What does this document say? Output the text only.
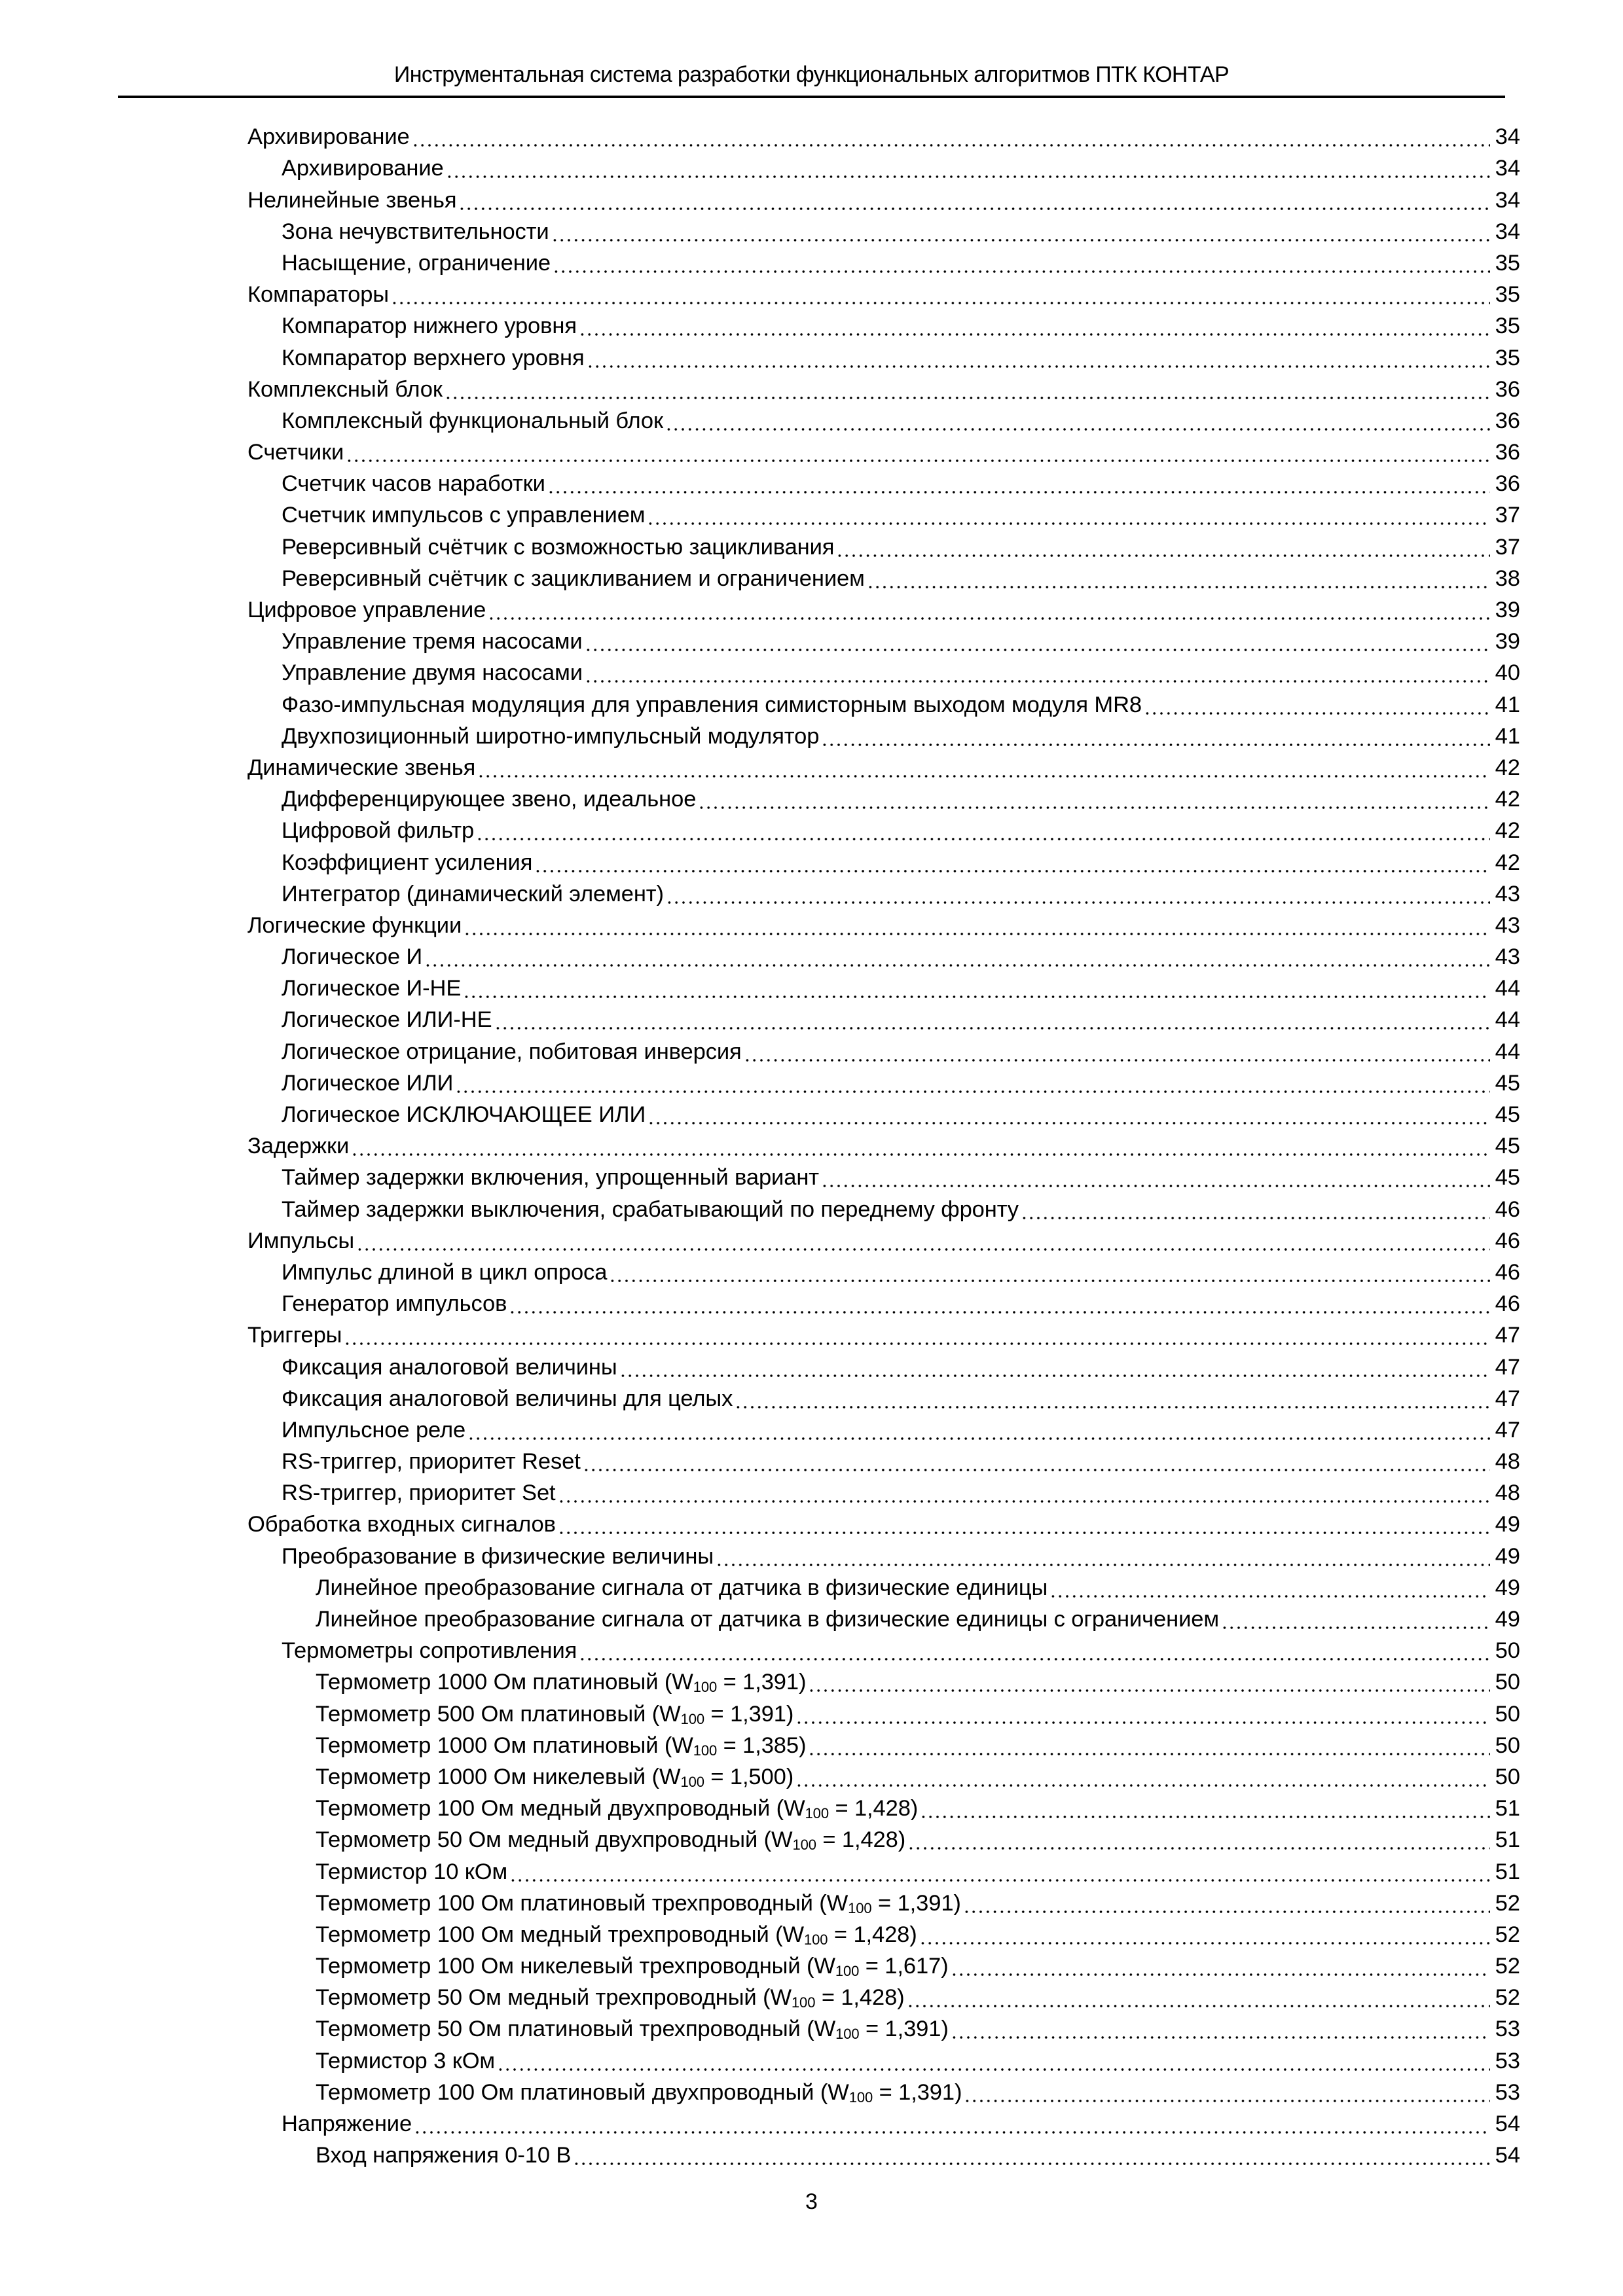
Инструментальная система разработки функциональных алгоритмов ПТК КОНТАР
Архивирование	34
Архивирование	34
Нелинейные звенья	34
Зона нечувствительности	34
Насыщение, ограничение	35
Компараторы	35
Компаратор нижнего уровня	35
Компаратор верхнего уровня	35
Комплексный блок	36
Комплексный функциональный блок	36
Счетчики	36
Счетчик часов наработки	36
Счетчик импульсов с управлением	37
Реверсивный счётчик с возможностью зацикливания	37
Реверсивный счётчик с зацикливанием и ограничением	38
Цифровое управление	39
Управление тремя насосами	39
Управление двумя насосами	40
Фазо-импульсная модуляция для управления симисторным выходом модуля MR8	41
Двухпозиционный широтно-импульсный модулятор	41
Динамические звенья	42
Дифференцирующее звено, идеальное	42
Цифровой фильтр	42
Коэффициент усиления	42
Интегратор (динамический элемент)	43
Логические функции	43
Логическое И	43
Логическое И-НЕ	44
Логическое ИЛИ-НЕ	44
Логическое отрицание, побитовая инверсия	44
Логическое ИЛИ	45
Логическое ИСКЛЮЧАЮЩЕЕ ИЛИ	45
Задержки	45
Таймер задержки включения, упрощенный вариант	45
Таймер задержки выключения, срабатывающий по переднему фронту	46
Импульсы	46
Импульс длиной в цикл опроса	46
Генератор импульсов	46
Триггеры	47
Фиксация аналоговой величины	47
Фиксация аналоговой величины для целых	47
Импульсное реле	47
RS-триггер, приоритет Reset	48
RS-триггер, приоритет Set	48
Обработка входных сигналов	49
Преобразование в физические величины	49
Линейное преобразование сигнала от датчика в физические единицы	49
Линейное преобразование сигнала от датчика в физические единицы с ограничением	49
Термометры сопротивления	50
Термометр 1000 Ом платиновый $(W_{100} = 1,391)$	50
Термометр 500 Ом платиновый $(W_{100} = 1,391)$	50
Термометр 1000 Ом платиновый $(W_{100} = 1,385)$	50
Термометр 1000 Ом никелевый $(W_{100} = 1,500)$	50
Термометр 100 Ом медный двухпроводный $(W_{100} = 1,428)$	51
Термометр 50 Ом медный двухпроводный $(W_{100} = 1,428)$	51
Термистор 10 кОм	51
Термометр 100 Ом платиновый трехпроводный $(W_{100} = 1,391)$	52
Термометр 100 Ом медный трехпроводный $(W_{100} = 1,428)$	52
Термометр 100 Ом никелевый трехпроводный $(W_{100} = 1,617)$	52
Термометр 50 Ом медный трехпроводный $(W_{100} = 1,428)$	52
Термометр 50 Ом платиновый трехпроводный $(W_{100} = 1,391)$	53
Термистор 3 кОм	53
Термометр 100 Ом платиновый двухпроводный $(W_{100} = 1,391)$	53
Напряжение	54
Вход напряжения 0-10 В	54
3
